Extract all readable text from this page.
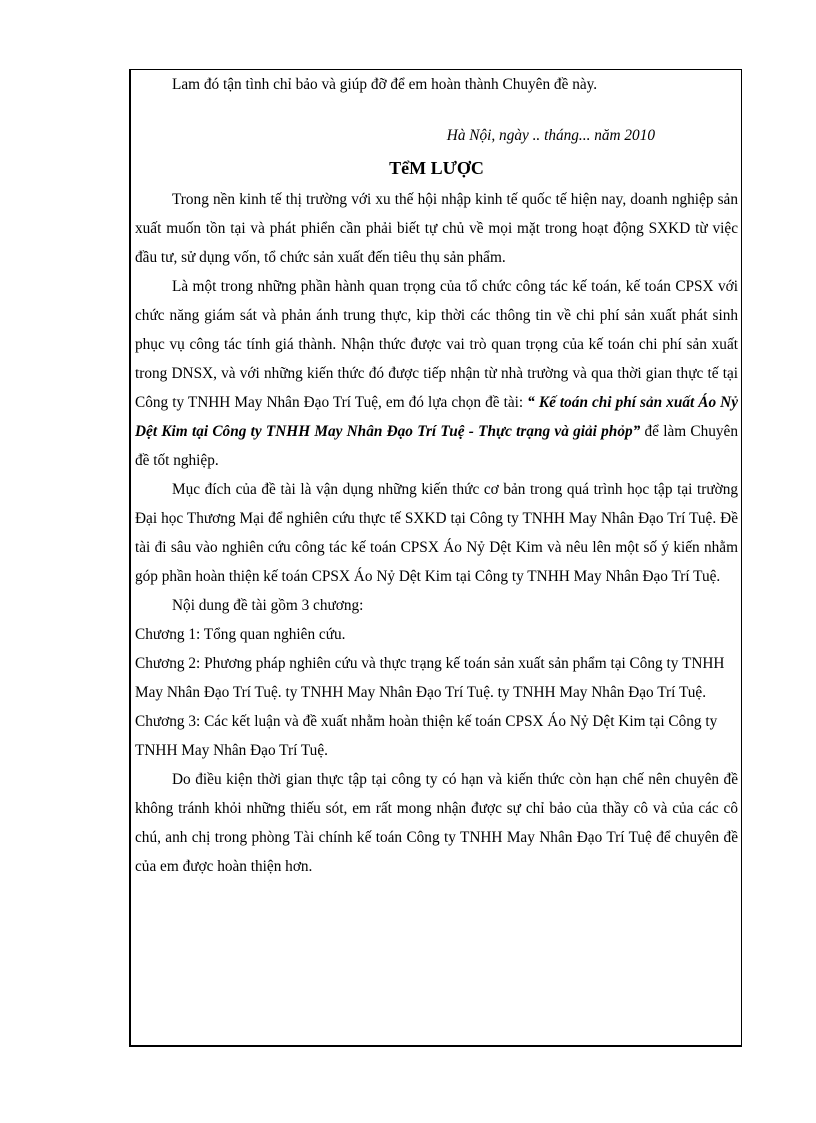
Lam đó tận tình chỉ bảo và giúp đỡ để em hoàn thành Chuyên đề này.

Hà Nội, ngày .. tháng... năm 2010

TểM LƯỢC

Trong nền kinh tế thị trường với xu thế hội nhập kinh tế quốc tế hiện nay, doanh nghiệp sản xuất muốn tồn tại và phát phiển cần phải biết tự chủ về mọi mặt trong hoạt động SXKD từ việc đầu tư, sử dụng vốn, tổ chức sản xuất đến tiêu thụ sản phẩm.

Là một trong những phần hành quan trọng của tổ chức công tác kế toán, kế toán CPSX với chức năng giám sát và phản ánh trung thực, kip thời các thông tin về chi phí sản xuất phát sinh phục vụ công tác tính giá thành. Nhận thức được vai trò quan trọng của kế toán chi phí sản xuất trong DNSX, và với những kiến thức đó được tiếp nhận từ nhà trường và qua thời gian thực tế tại Công ty TNHH May Nhân Đạo Trí Tuệ, em đó lựa chọn đề tài: “ Kế toán chi phí sản xuất Áo Nỷ Dệt Kim tại Công ty TNHH May Nhân Đạo Trí Tuệ - Thực trạng và giải phỏp” để làm Chuyên đề tốt nghiệp.

Mục đích của đề tài là vận dụng những kiến thức cơ bản trong quá trình học tập tại trường Đại học Thương Mại để nghiên cứu thực tế SXKD tại Công ty TNHH May Nhân Đạo Trí Tuệ. Đề tài đi sâu vào nghiên cứu công tác kế toán CPSX Áo Nỷ Dệt Kim và nêu lên một số ý kiến nhằm góp phần hoàn thiện kế toán CPSX Áo Nỷ Dệt Kim tại Công ty TNHH May Nhân Đạo Trí Tuệ.

Nội dung đề tài gồm 3 chương:

Chương 1: Tổng quan nghiên cứu.

Chương 2: Phương pháp nghiên cứu và thực trạng kế toán sản xuất sản phẩm tại Công ty TNHH May Nhân Đạo Trí Tuệ. ty TNHH May Nhân Đạo Trí Tuệ. ty TNHH May Nhân Đạo Trí Tuệ.

Chương 3: Các kết luận và đề xuất nhằm hoàn thiện kế toán CPSX Áo Nỷ Dệt Kim tại Công ty TNHH May Nhân Đạo Trí Tuệ.

Do điều kiện thời gian thực tập tại công ty có hạn và kiến thức còn hạn chế nên chuyên đề không tránh khỏi những thiếu sót, em rất mong nhận được sự chỉ bảo của thầy cô và của các cô chú, anh chị trong phòng Tài chính kế toán Công ty TNHH May Nhân Đạo Trí Tuệ để chuyên đề của em được hoàn thiện hơn.
